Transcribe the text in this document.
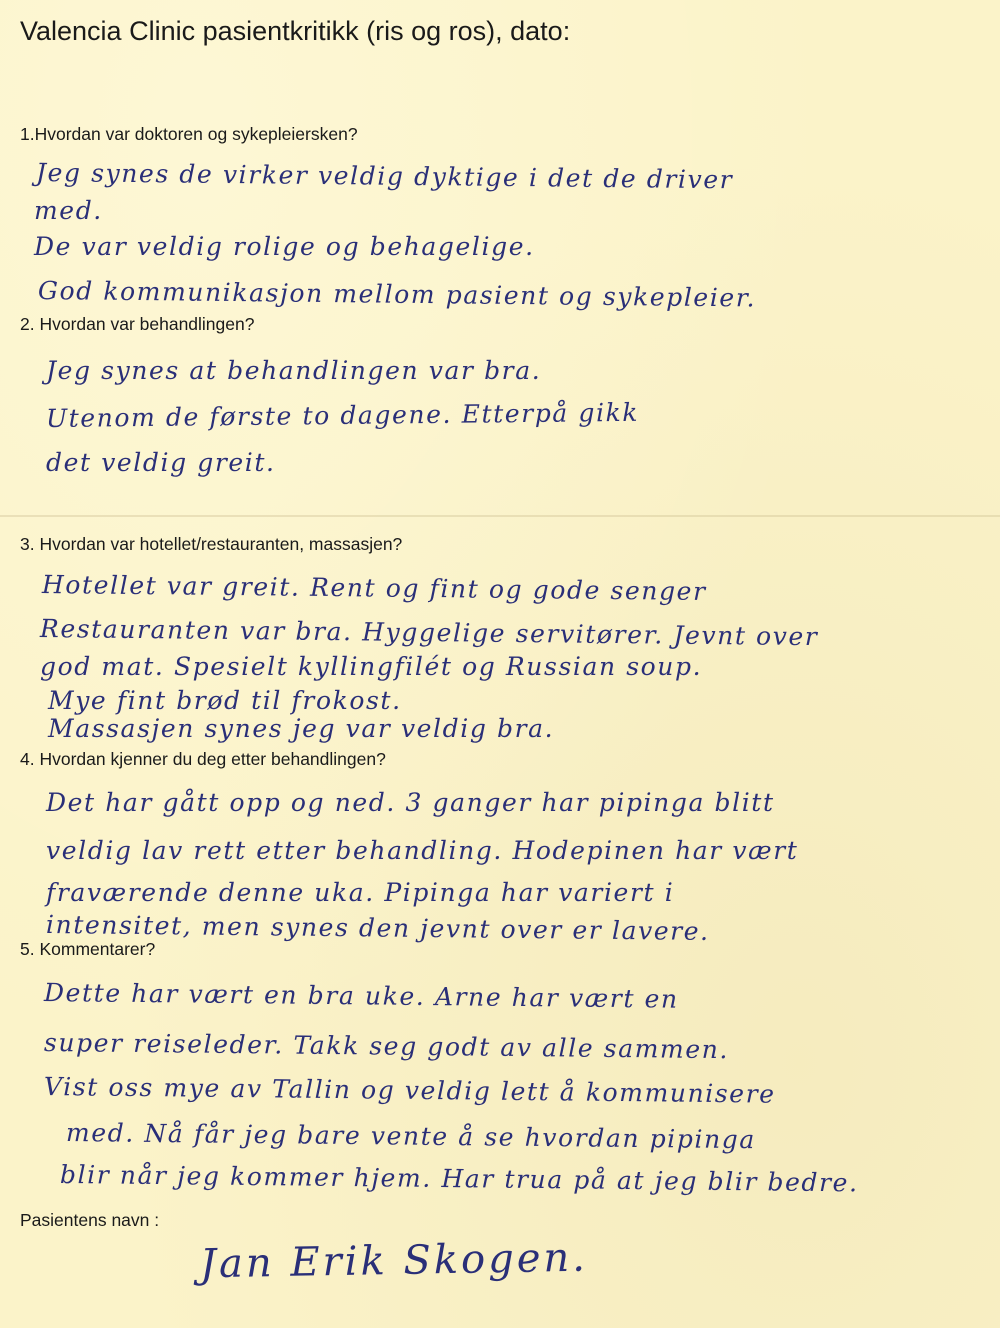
Valencia Clinic pasientkritikk (ris og ros), dato:
1.Hvordan var doktoren og sykepleiersken?
Jeg synes de virker veldig dyktige i det de driver
med.
De var veldig rolige og behagelige.
God kommunikasjon mellom pasient og sykepleier.
2. Hvordan var behandlingen?
Jeg synes at behandlingen var bra.
Utenom de første to dagene. Etterpå gikk
det veldig greit.
3. Hvordan var hotellet/restauranten, massasjen?
Hotellet var greit. Rent og fint og gode senger
Restauranten var bra. Hyggelige servitører. Jevnt over
god mat. Spesielt kyllingfilét og Russian soup.
Mye fint brød til frokost.
Massasjen synes jeg var veldig bra.
4. Hvordan kjenner du deg etter behandlingen?
Det har gått opp og ned. 3 ganger har pipinga blitt
veldig lav rett etter behandling. Hodepinen har vært
fraværende denne uka. Pipinga har variert i
intensitet, men synes den jevnt over er lavere.
5. Kommentarer?
Dette har vært en bra uke. Arne har vært en
super reiseleder. Takk seg godt av alle sammen.
Vist oss mye av Tallin og veldig lett å kommunisere
med. Nå får jeg bare vente å se hvordan pipinga
blir når jeg kommer hjem. Har trua på at jeg blir bedre.
Pasientens navn :
Jan Erik Skogen.
